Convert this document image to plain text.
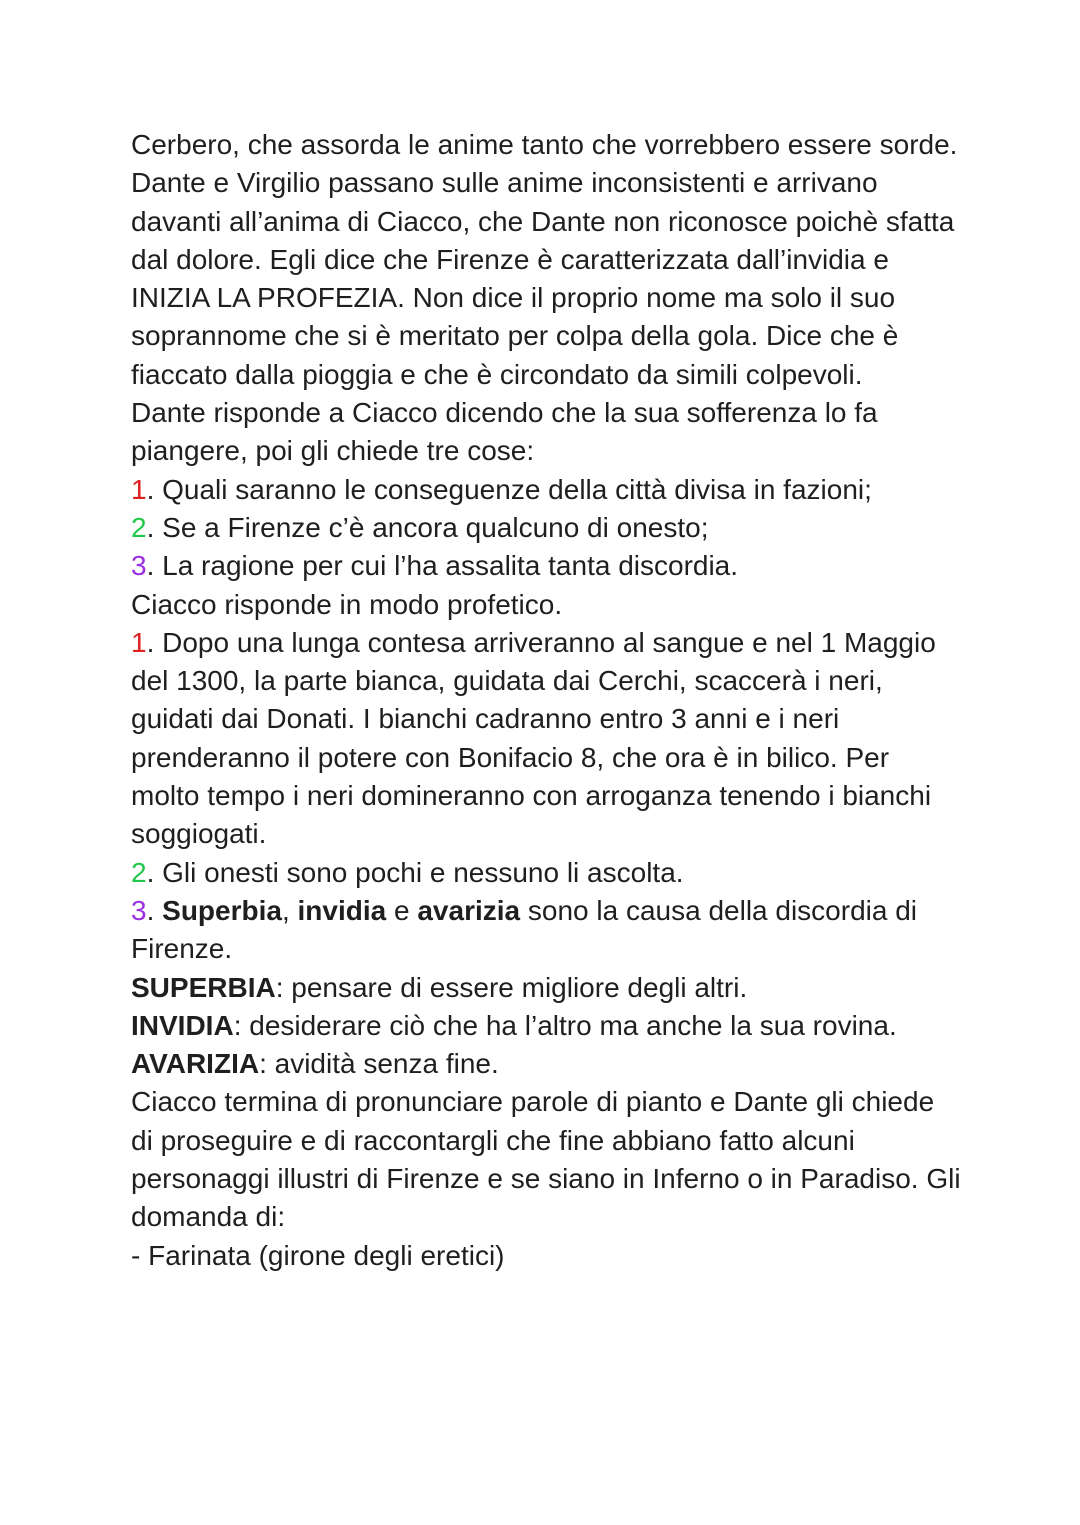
Cerbero, che assorda le anime tanto che vorrebbero essere sorde.

Dante e Virgilio passano sulle anime inconsistenti e arrivano davanti all’anima di Ciacco, che Dante non riconosce poichè sfatta dal dolore. Egli dice che Firenze è caratterizzata dall’invidia e INIZIA LA PROFEZIA. Non dice il proprio nome ma solo il suo soprannome che si è meritato per colpa della gola. Dice che è fiaccato dalla pioggia e che è circondato da simili colpevoli.

Dante risponde a Ciacco dicendo che la sua sofferenza lo fa piangere, poi gli chiede tre cose:

1. Quali saranno le conseguenze della città divisa in fazioni;

2. Se a Firenze c’è ancora qualcuno di onesto;

3. La ragione per cui l’ha assalita tanta discordia.

Ciacco risponde in modo profetico.

1. Dopo una lunga contesa arriveranno al sangue e nel 1 Maggio del 1300, la parte bianca, guidata dai Cerchi, scaccerà i neri, guidati dai Donati. I bianchi cadranno entro 3 anni e i neri prenderanno il potere con Bonifacio 8, che ora è in bilico. Per molto tempo i neri domineranno con arroganza tenendo i bianchi soggiogati.

2. Gli onesti sono pochi e nessuno li ascolta.

3. Superbia, invidia e avarizia sono la causa della discordia di Firenze.

SUPERBIA: pensare di essere migliore degli altri.

INVIDIA: desiderare ciò che ha l’altro ma anche la sua rovina.

AVARIZIA: avidità senza fine.

Ciacco termina di pronunciare parole di pianto e Dante gli chiede di proseguire e di raccontargli che fine abbiano fatto alcuni personaggi illustri di Firenze e se siano in Inferno o in Paradiso. Gli domanda di:

- Farinata (girone degli eretici)
